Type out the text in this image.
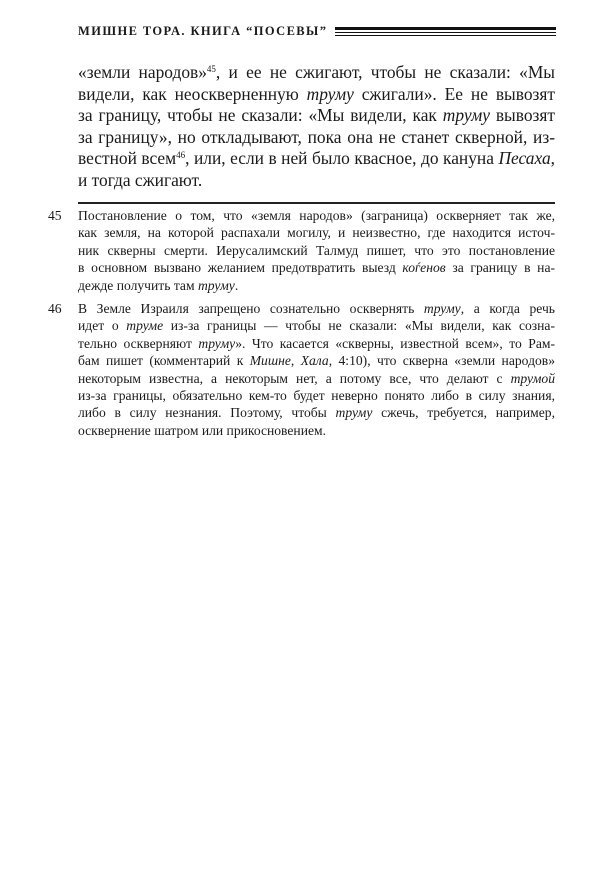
МИШНЕ ТОРА. КНИГА “ПОСЕВЫ”
«земли народов»$^{45}$, и ее не сжигают, чтобы не сказали: «Мы
видели, как неоскверненную труму сжигали». Ее не вывозят
за границу, чтобы не сказали: «Мы видели, как труму вывозят
за границу», но откладывают, пока она не станет скверной, из-
вестной всем$^{46}$, или, если в ней было квасное, до кануна Песаха,
и тогда сжигают.
45	Постановление о том, что «земля народов» (заграница) оскверняет так же,
как земля, на которой распахали могилу, и неизвестно, где находится источ-
ник скверны смерти. Иерусалимский Талмуд пишет, что это постановление
в основном вызвано желанием предотвратить выезд коѓенов за границу в на-
дежде получить там труму.
46	В Земле Израиля запрещено сознательно осквернять труму, а когда речь
идет о труме из-за границы — чтобы не сказали: «Мы видели, как созна-
тельно оскверняют труму». Что касается «скверны, известной всем», то Рам-
бам пишет (комментарий к Мишне, Хала, 4:10), что скверна «земли народов»
некоторым известна, а некоторым нет, а потому все, что делают с трумой
из-за границы, обязательно кем-то будет неверно понято либо в силу знания,
либо в силу незнания. Поэтому, чтобы труму сжечь, требуется, например,
осквернение шатром или прикосновением.
